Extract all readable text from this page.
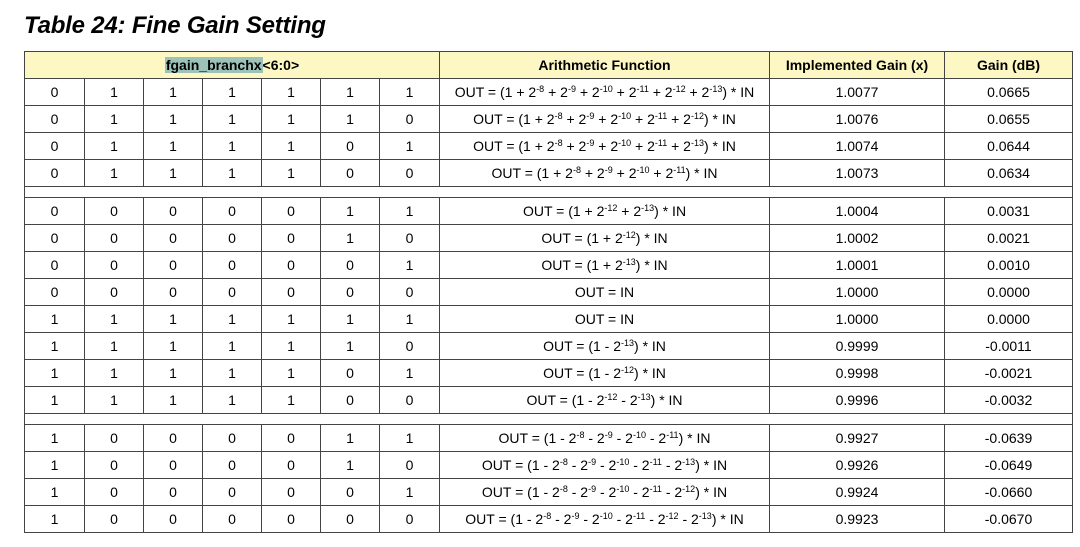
Table 24: Fine Gain Setting
fgain_branchx<6:0>							Arithmetic Function	Implemented Gain (x)	Gain (dB)
0	1	1	1	1	1	1	OUT = $(1 + 2^{-8} + 2^{-9} + 2^{-10} + 2^{-11} + 2^{-12} + 2^{-13})$ * IN	1.0077	0.0665
0	1	1	1	1	1	0	OUT = $(1 + 2^{-8} + 2^{-9} + 2^{-10} + 2^{-11} + 2^{-12})$ * IN	1.0076	0.0655
0	1	1	1	1	0	1	OUT = $(1 + 2^{-8} + 2^{-9} + 2^{-10} + 2^{-11} + 2^{-13})$ * IN	1.0074	0.0644
0	1	1	1	1	0	0	OUT = $(1 + 2^{-8} + 2^{-9} + 2^{-10} + 2^{-11})$ * IN	1.0073	0.0634

0	0	0	0	0	1	1	OUT = $(1 + 2^{-12} + 2^{-13})$ * IN	1.0004	0.0031
0	0	0	0	0	1	0	OUT = $(1 + 2^{-12})$ * IN	1.0002	0.0021
0	0	0	0	0	0	1	OUT = $(1 + 2^{-13})$ * IN	1.0001	0.0010
0	0	0	0	0	0	0	OUT = IN	1.0000	0.0000
1	1	1	1	1	1	1	OUT = IN	1.0000	0.0000
1	1	1	1	1	1	0	OUT = $(1 - 2^{-13})$ * IN	0.9999	-0.0011
1	1	1	1	1	0	1	OUT = $(1 - 2^{-12})$ * IN	0.9998	-0.0021
1	1	1	1	1	0	0	OUT = $(1 - 2^{-12} - 2^{-13})$ * IN	0.9996	-0.0032

1	0	0	0	0	1	1	OUT = $(1 - 2^{-8} - 2^{-9} - 2^{-10} - 2^{-11})$ * IN	0.9927	-0.0639
1	0	0	0	0	1	0	OUT = $(1 - 2^{-8} - 2^{-9} - 2^{-10} - 2^{-11} - 2^{-13})$ * IN	0.9926	-0.0649
1	0	0	0	0	0	1	OUT = $(1 - 2^{-8} - 2^{-9} - 2^{-10} - 2^{-11} - 2^{-12})$ * IN	0.9924	-0.0660
1	0	0	0	0	0	0	OUT = $(1 - 2^{-8} - 2^{-9} - 2^{-10} - 2^{-11} - 2^{-12} - 2^{-13})$ * IN	0.9923	-0.0670
